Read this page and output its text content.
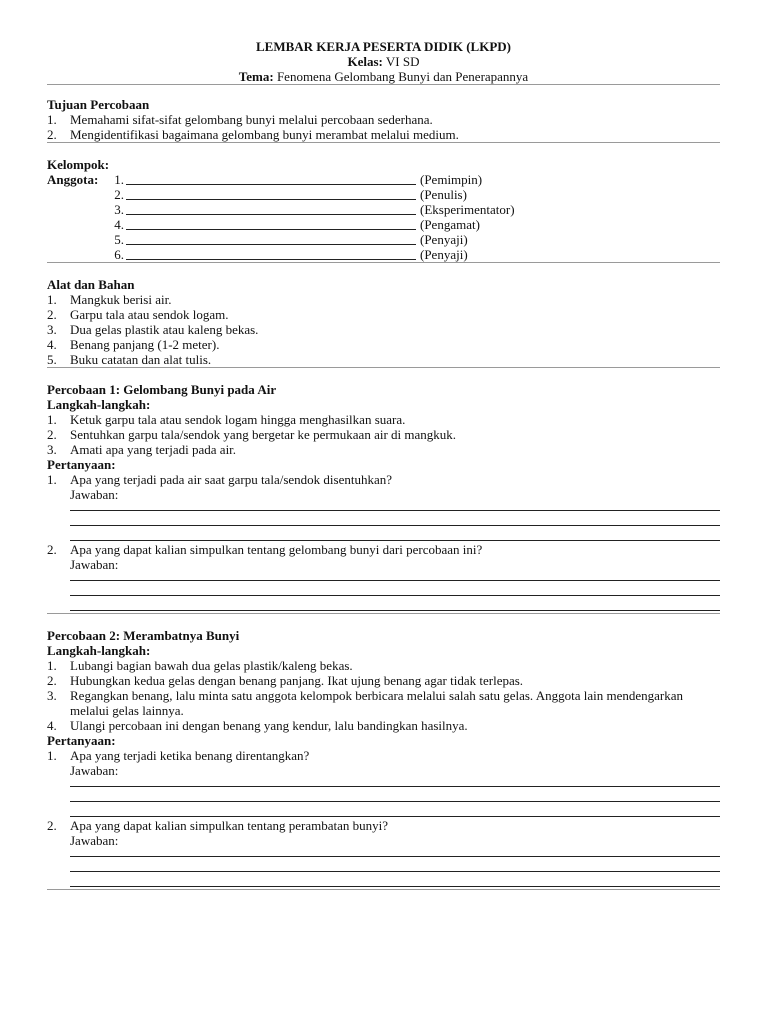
LEMBAR KERJA PESERTA DIDIK (LKPD)
Kelas: VI SD
Tema: Fenomena Gelombang Bunyi dan Penerapannya
Tujuan Percobaan
1.	Memahami sifat-sifat gelombang bunyi melalui percobaan sederhana.
2.	Mengidentifikasi bagaimana gelombang bunyi merambat melalui medium.
Kelompok:
Anggota:	1.	(Pemimpin)
2.	(Penulis)
3.	(Eksperimentator)
4.	(Pengamat)
5.	(Penyaji)
6.	(Penyaji)
Alat dan Bahan
1.	Mangkuk berisi air.
2.	Garpu tala atau sendok logam.
3.	Dua gelas plastik atau kaleng bekas.
4.	Benang panjang (1-2 meter).
5.	Buku catatan dan alat tulis.
Percobaan 1: Gelombang Bunyi pada Air
Langkah-langkah:
1.	Ketuk garpu tala atau sendok logam hingga menghasilkan suara.
2.	Sentuhkan garpu tala/sendok yang bergetar ke permukaan air di mangkuk.
3.	Amati apa yang terjadi pada air.
Pertanyaan:
1.	Apa yang terjadi pada air saat garpu tala/sendok disentuhkan?
Jawaban:
2.	Apa yang dapat kalian simpulkan tentang gelombang bunyi dari percobaan ini?
Jawaban:
Percobaan 2: Merambatnya Bunyi
Langkah-langkah:
1.	Lubangi bagian bawah dua gelas plastik/kaleng bekas.
2.	Hubungkan kedua gelas dengan benang panjang. Ikat ujung benang agar tidak terlepas.
3.	Regangkan benang, lalu minta satu anggota kelompok berbicara melalui salah satu gelas. Anggota lain mendengarkan melalui gelas lainnya.
4.	Ulangi percobaan ini dengan benang yang kendur, lalu bandingkan hasilnya.
Pertanyaan:
1.	Apa yang terjadi ketika benang direntangkan?
Jawaban:
2.	Apa yang dapat kalian simpulkan tentang perambatan bunyi?
Jawaban:
